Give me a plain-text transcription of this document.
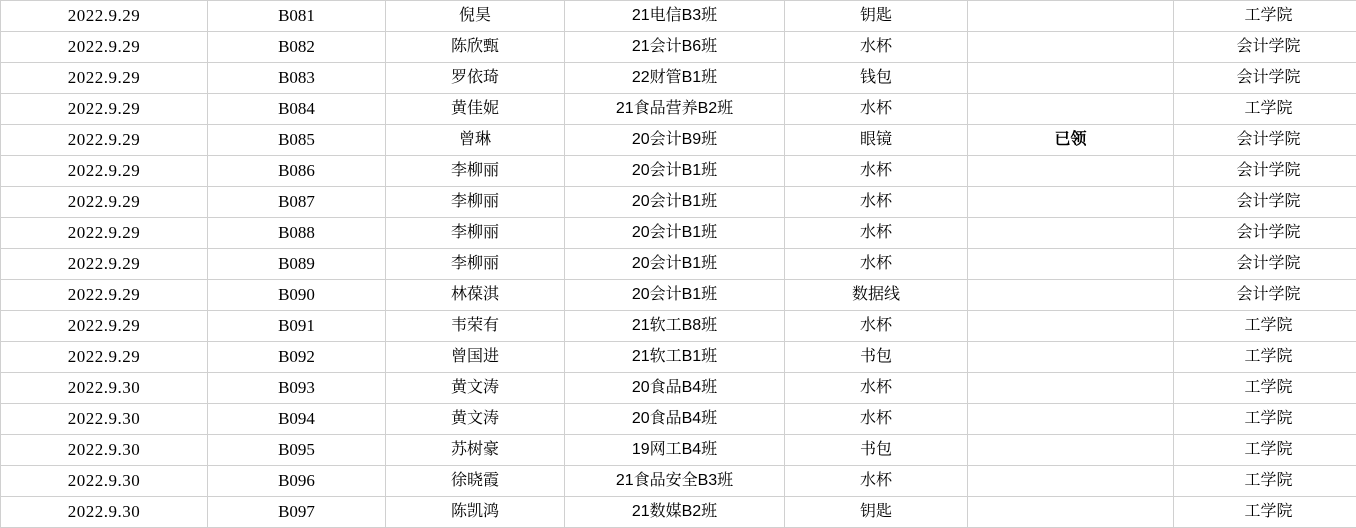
2022.9.29	B081	倪昊	21电信B3班	钥匙		工学院
2022.9.29	B082	陈欣甄	21会计B6班	水杯		会计学院
2022.9.29	B083	罗依琦	22财管B1班	钱包		会计学院
2022.9.29	B084	黄佳妮	21食品营养B2班	水杯		工学院
2022.9.29	B085	曾琳	20会计B9班	眼镜	已领	会计学院
2022.9.29	B086	李柳丽	20会计B1班	水杯		会计学院
2022.9.29	B087	李柳丽	20会计B1班	水杯		会计学院
2022.9.29	B088	李柳丽	20会计B1班	水杯		会计学院
2022.9.29	B089	李柳丽	20会计B1班	水杯		会计学院
2022.9.29	B090	林葆淇	20会计B1班	数据线		会计学院
2022.9.29	B091	韦荣有	21软工B8班	水杯		工学院
2022.9.29	B092	曾国进	21软工B1班	书包		工学院
2022.9.30	B093	黄文涛	20食品B4班	水杯		工学院
2022.9.30	B094	黄文涛	20食品B4班	水杯		工学院
2022.9.30	B095	苏树豪	19网工B4班	书包		工学院
2022.9.30	B096	徐晓霞	21食品安全B3班	水杯		工学院
2022.9.30	B097	陈凯鸿	21数媒B2班	钥匙		工学院
